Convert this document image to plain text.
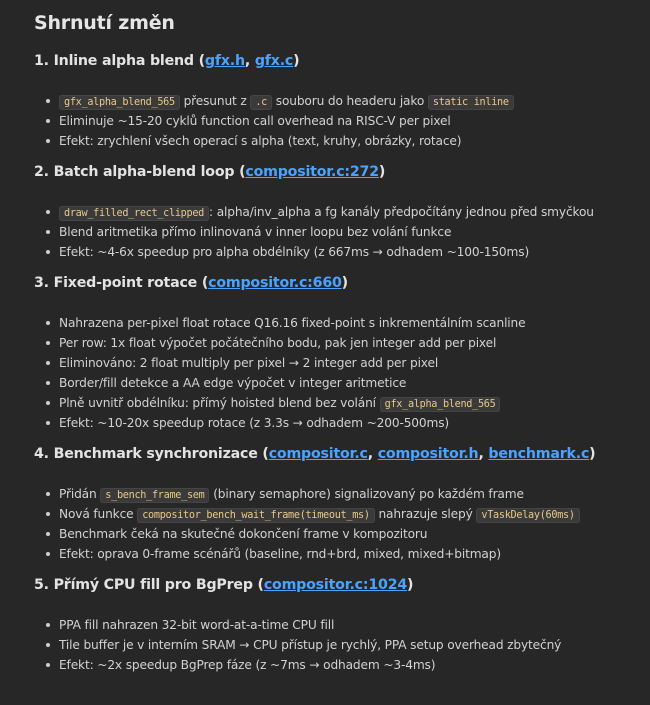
Shrnutí změn
1. Inline alpha blend (gfx.h, gfx.c)
gfx_alpha_blend_565 přesunut z .c souboru do headeru jako static inline
Eliminuje ~15-20 cyklů function call overhead na RISC-V per pixel
Efekt: zrychlení všech operací s alpha (text, kruhy, obrázky, rotace)
2. Batch alpha-blend loop (compositor.c:272)
draw_filled_rect_clipped : alpha/inv_alpha a fg kanály předpočítány jednou před smyčkou
Blend aritmetika přímo inlinovaná v inner loopu bez volání funkce
Efekt: ~4-6x speedup pro alpha obdélníky (z 667ms → odhadem ~100-150ms)
3. Fixed-point rotace (compositor.c:660)
Nahrazena per-pixel float rotace Q16.16 fixed-point s inkrementálním scanline
Per row: 1x float výpočet počátečního bodu, pak jen integer add per pixel
Eliminováno: 2 float multiply per pixel → 2 integer add per pixel
Border/fill detekce a AA edge výpočet v integer aritmetice
Plně uvnitř obdélníku: přímý hoisted blend bez volání gfx_alpha_blend_565
Efekt: ~10-20x speedup rotace (z 3.3s → odhadem ~200-500ms)
4. Benchmark synchronizace (compositor.c, compositor.h, benchmark.c)
Přidán s_bench_frame_sem (binary semaphore) signalizovaný po každém frame
Nová funkce compositor_bench_wait_frame(timeout_ms) nahrazuje slepý vTaskDelay(60ms)
Benchmark čeká na skutečné dokončení frame v kompozitoru
Efekt: oprava 0-frame scénářů (baseline, rnd+brd, mixed, mixed+bitmap)
5. Přímý CPU fill pro BgPrep (compositor.c:1024)
PPA fill nahrazen 32-bit word-at-a-time CPU fill
Tile buffer je v interním SRAM → CPU přístup je rychlý, PPA setup overhead zbytečný
Efekt: ~2x speedup BgPrep fáze (z ~7ms → odhadem ~3-4ms)
